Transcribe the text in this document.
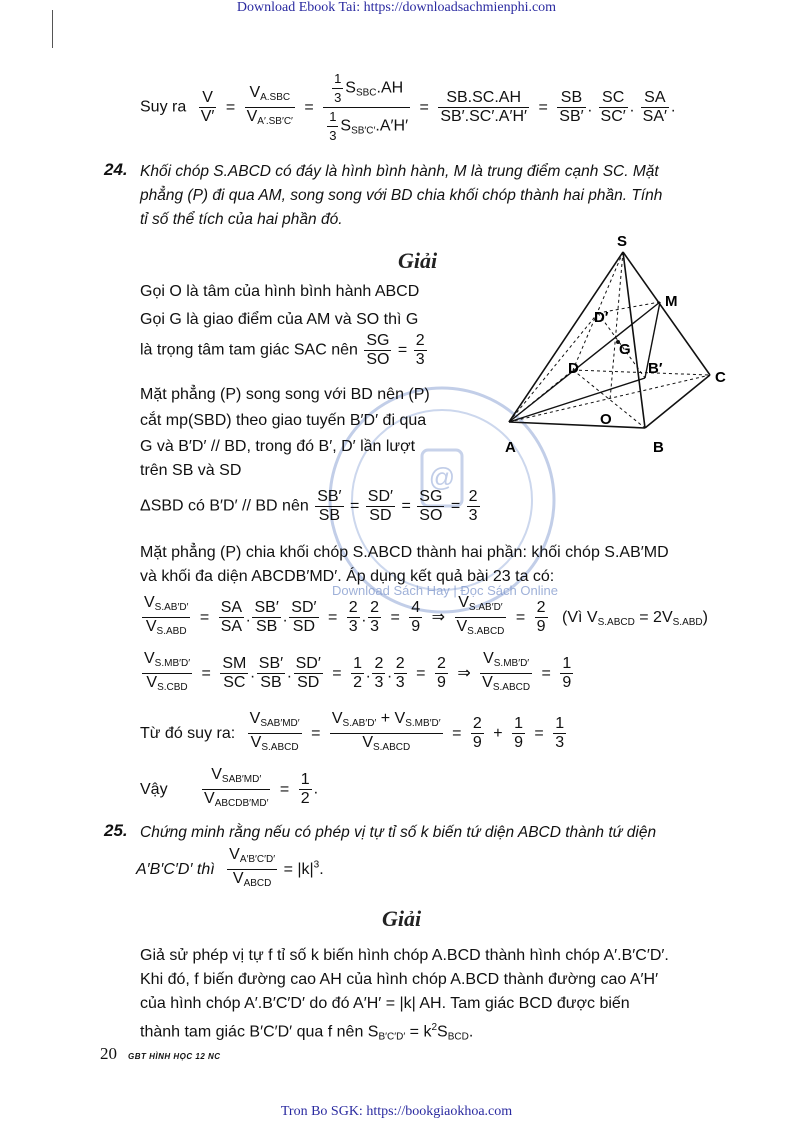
Download Ebook Tai: https://downloadsachmienphi.com
Tron Bo SGK: https://bookgiaokhoa.com
@
Download Sách Hay | Đọc Sách Online
Suy ra $\frac{V}{V'} = \frac{V_{A.SBC}}{V_{A'.SB'C'}} = \frac{\frac{1}{3} S_{SBC}.AH}{\frac{1}{3} S_{SB'C'}.A'H'} = \frac{SB.SC.AH}{SB'.SC'.A'H'} = \frac{SB}{SB'}$ . $\frac{SC}{SC'}$ . $\frac{SA}{SA'}$ .
24. Khối chóp S.ABCD có đáy là hình bình hành, M là trung điểm cạnh SC. Mặt
phẳng (P) đi qua AM, song song với BD chia khối chóp thành hai phần. Tính
tỉ số thể tích của hai phần đó.
Giải
Gọi O là tâm của hình bình hành ABCD
Gọi G là giao điểm của AM và SO thì G
là trọng tâm tam giác SAC nên $\frac{SG}{SO} = \frac{2}{3}$
Mặt phẳng (P) song song với BD nên (P)
cắt mp(SBD) theo giao tuyến B′D′ đi qua
G và B′D′ // BD, trong đó B′, D′ lần lượt
trên SB và SD
ΔSBD có B′D′ // BD nên $\frac{SB'}{SB} = \frac{SD'}{SD} = \frac{SG}{SO} = \frac{2}{3}$
Mặt phẳng (P) chia khối chóp S.ABCD thành hai phần: khối chóp S.AB′MD
và khối đa diện ABCDB′MD′. Áp dụng kết quả bài 23 ta có:
$\frac{V_{S.AB'D'}}{V_{S.ABD}} = \frac{SA}{SA}$ . $\frac{SB'}{SB}$ . $\frac{SD'}{SD} = \frac{2}{3}$ . $\frac{2}{3} = \frac{4}{9}$ ⇒ $\frac{V_{S.AB'D'}}{V_{S.ABCD}} = \frac{2}{9}$ (Vì $V_{S.ABCD} = 2V_{S.ABD}$)
$\frac{V_{S.MB'D'}}{V_{S.CBD}} = \frac{SM}{SC}$ . $\frac{SB'}{SB}$ . $\frac{SD'}{SD} = \frac{1}{2}$ . $\frac{2}{3}$ . $\frac{2}{3} = \frac{2}{9}$ ⇒ $\frac{V_{S.MB'D'}}{V_{S.ABCD}} = \frac{1}{9}$
Từ đó suy ra: $\frac{V_{SAB'MD'}}{V_{S.ABCD}} = \frac{V_{S.AB'D'} + V_{S.MB'D'}}{V_{S.ABCD}} = \frac{2}{9} + \frac{1}{9} = \frac{1}{3}$
Vậy $\frac{V_{SAB'MD'}}{V_{ABCDB'MD'}} = \frac{1}{2}$ .
S
M
D′
G
D	B′
C
O
A	B
25. Chứng minh rằng nếu có phép vị tự tỉ số k biến tứ diện ABCD thành tứ diện
A′B′C′D′ thì $\frac{V_{A'B'C'D'}}{V_{ABCD}} = |k|^3$.
Giải
Giả sử phép vị tự f tỉ số k biến hình chóp A.BCD thành hình chóp A′.B′C′D′.
Khi đó, f biến đường cao AH của hình chóp A.BCD thành đường cao A′H′
của hình chóp A′.B′C′D′ do đó A′H′ = |k| AH. Tam giác BCD được biến
thành tam giác B′C′D′ qua f nên $S_{B'C'D'} = k^2S_{BCD}$.
20 GBT HÌNH HỌC 12 NC
